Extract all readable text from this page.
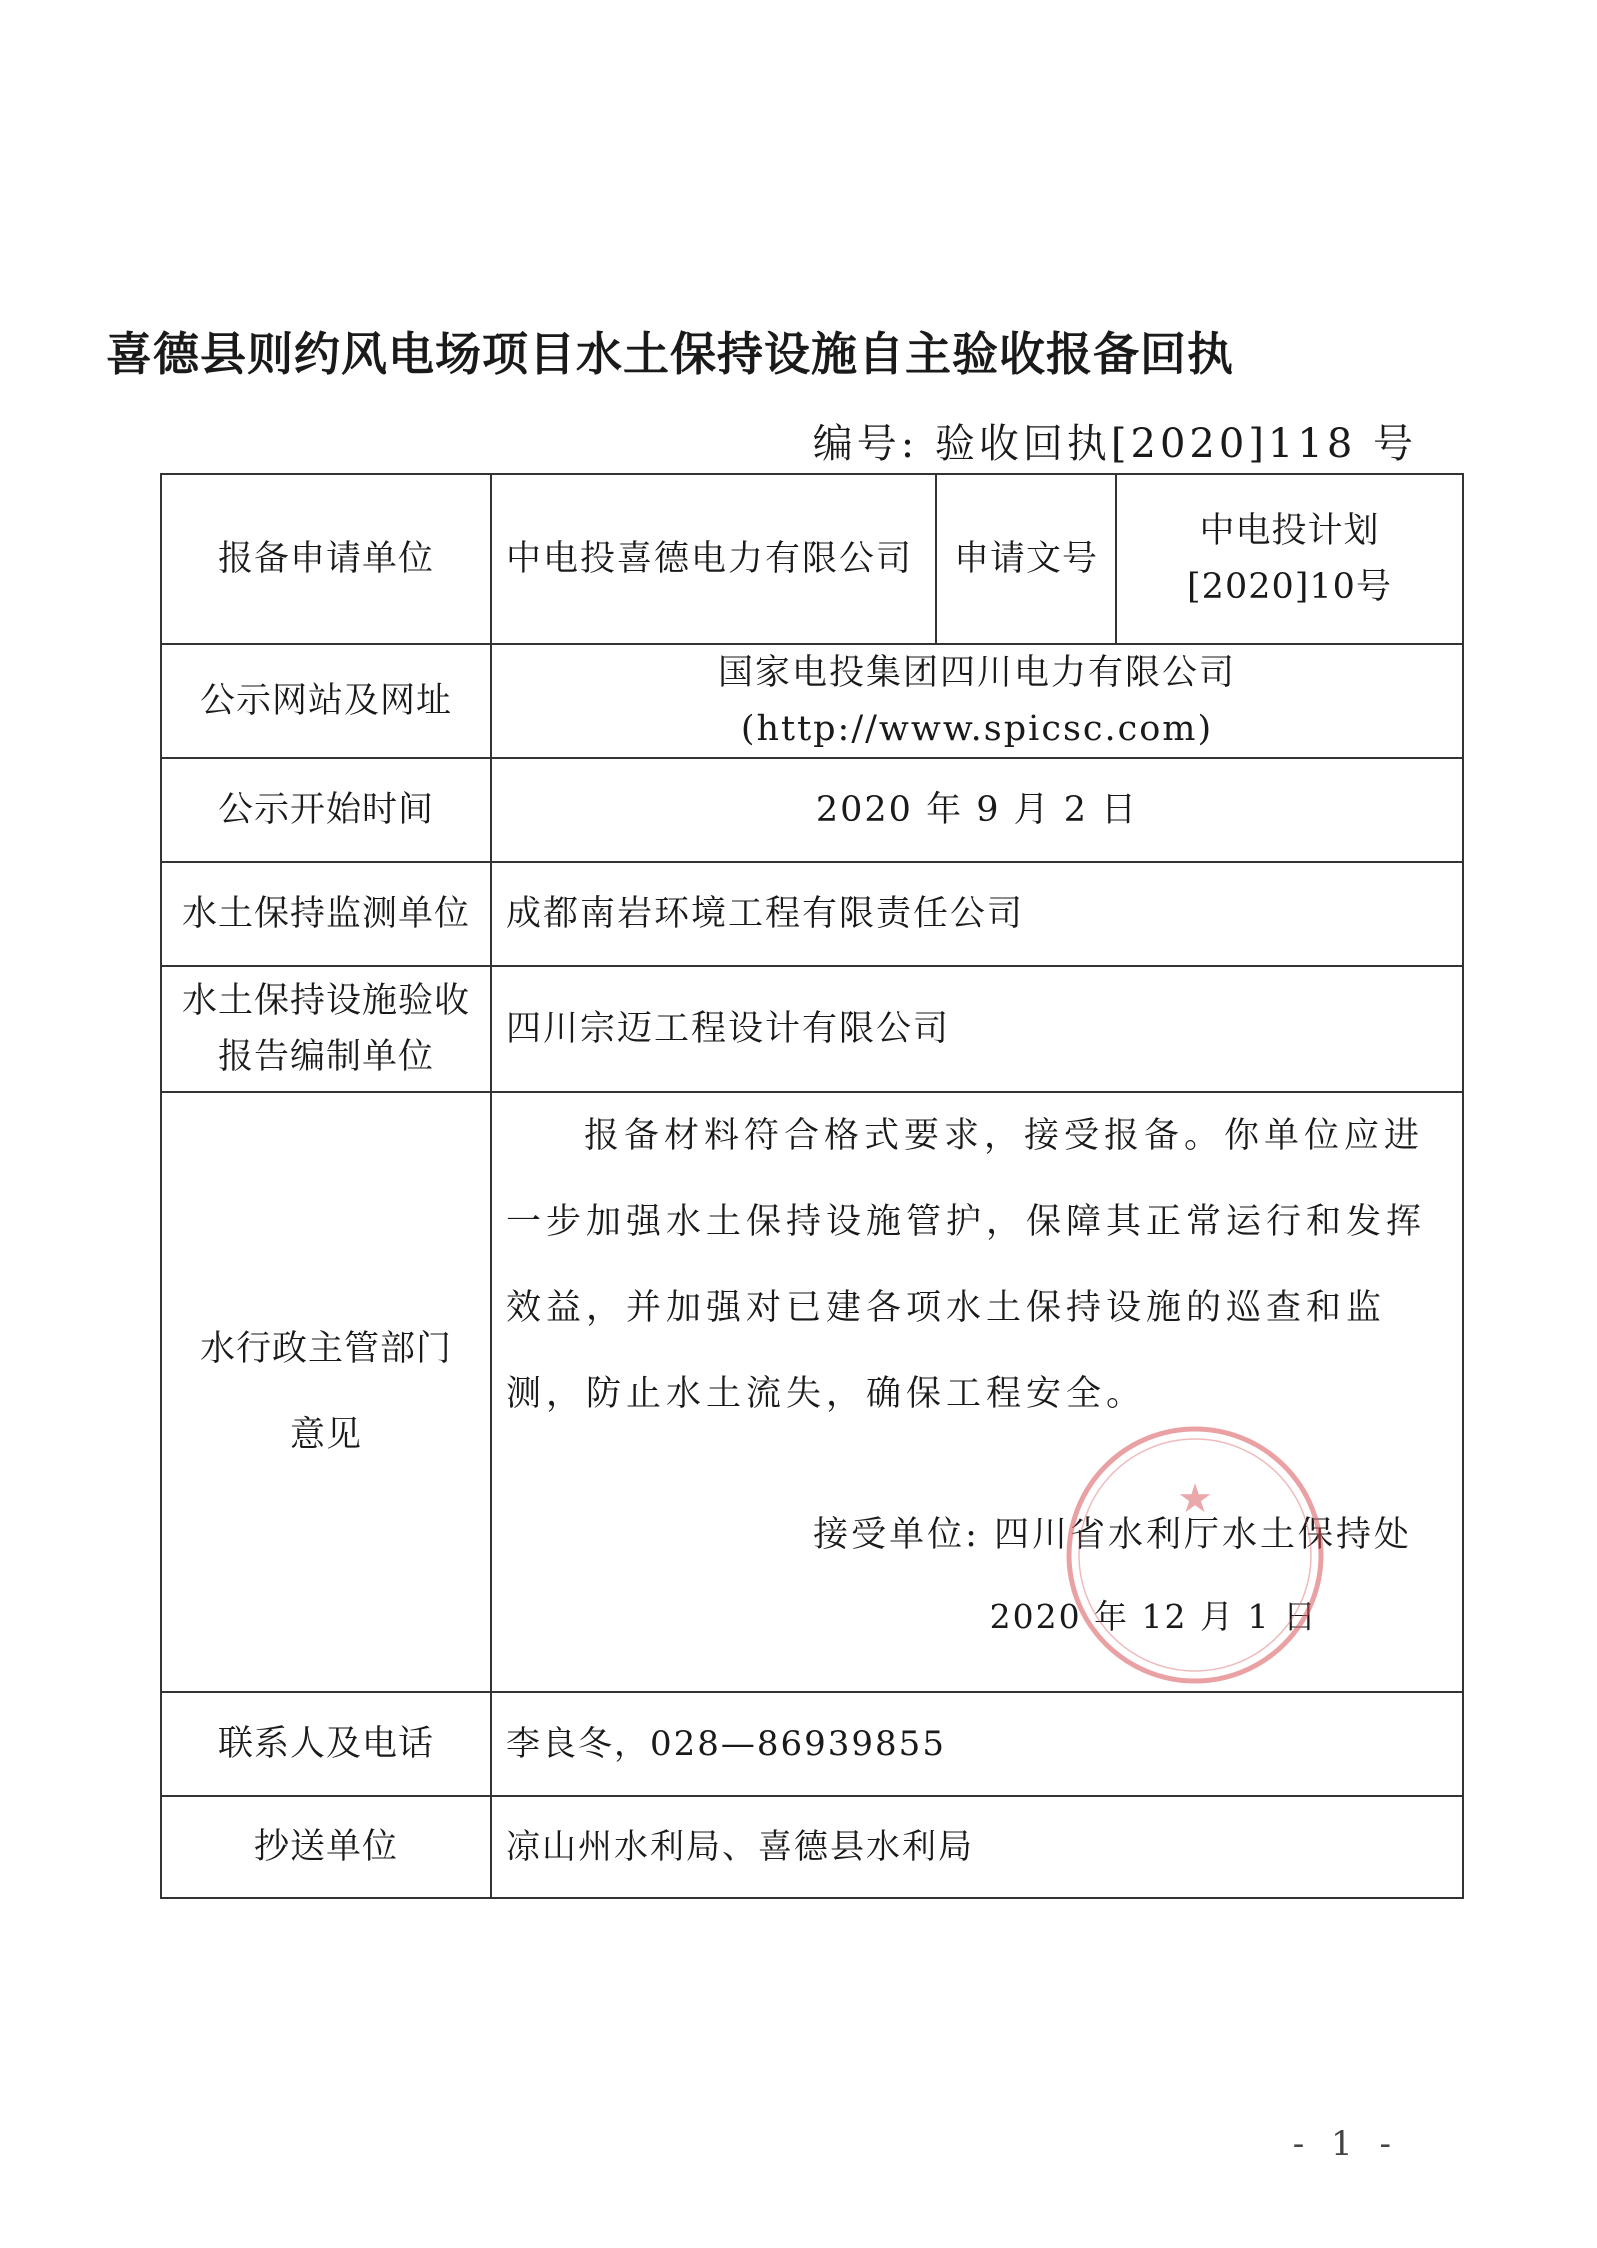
喜德县则约风电场项目水土保持设施自主验收报备回执
编号: 验收回执[2020]118 号
报备申请单位	中电投喜德电力有限公司	申请文号	中电投计划[2020]10号
公示网站及网址	国家电投集团四川电力有限公司 (http://www.spicsc.com)		
公示开始时间	2020 年 9 月 2 日		
水土保持监测单位	成都南岩环境工程有限责任公司		
水土保持设施验收报告编制单位	四川宗迈工程设计有限公司		
水行政主管部门意见	报备材料符合格式要求，接受报备。你单位应进一步加强水土保持设施管护，保障其正常运行和发挥效益，并加强对已建各项水土保持设施的巡查和监测，防止水土流失，确保工程安全。
接受单位: 四川省水利厅水土保持处
2020 年 12 月 1 日		

联系人及电话	李良冬，028—86939855		
抄送单位	凉山州水利局、喜德县水利局		
★
- 1 -
